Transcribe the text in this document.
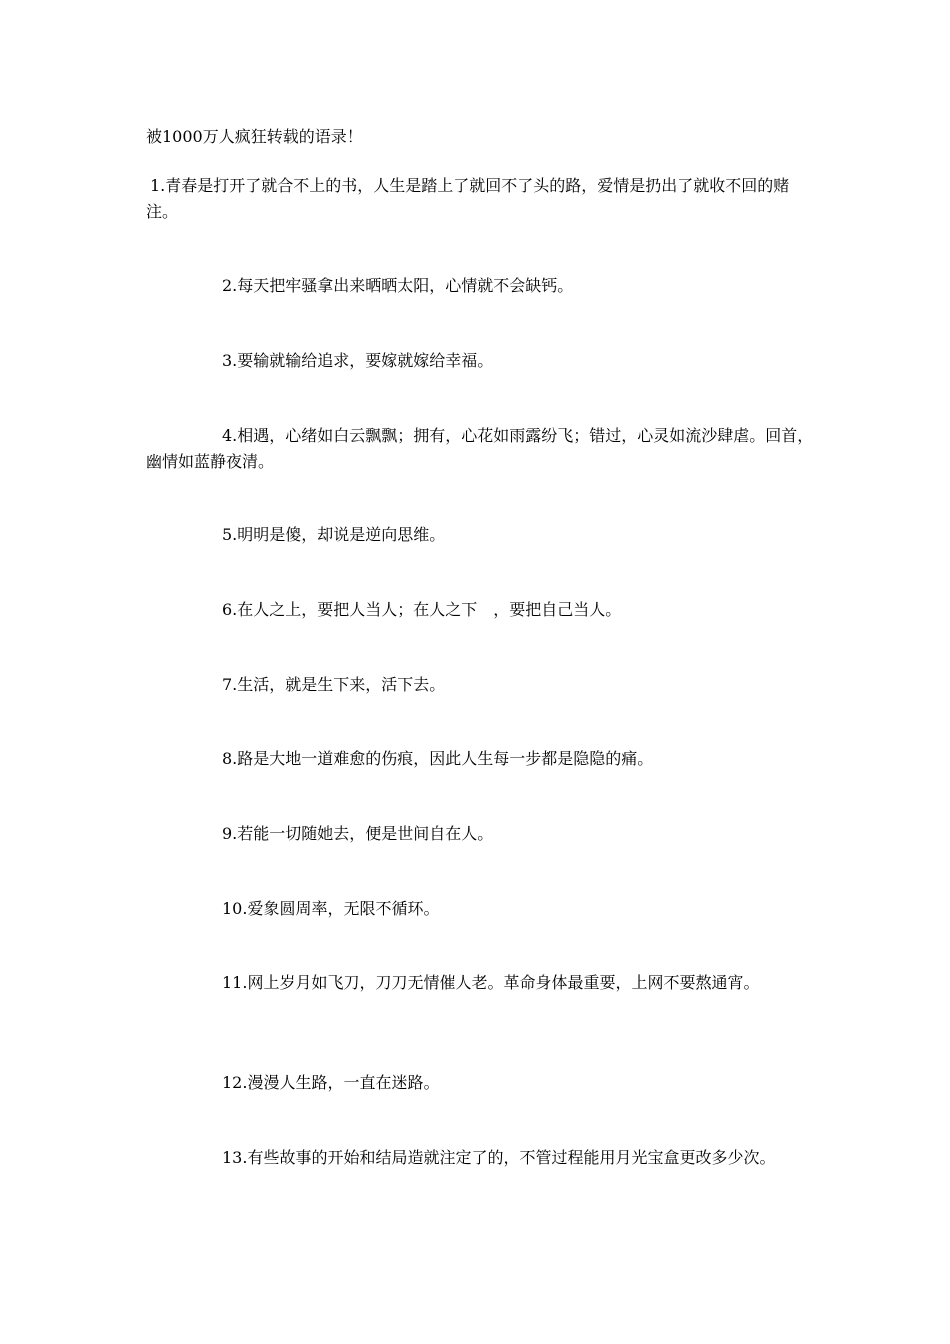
被1000万人疯狂转载的语录！

1.青春是打开了就合不上的书，人生是踏上了就回不了头的路，爱情是扔出了就收不回的赌注。

2.每天把牢骚拿出来晒晒太阳，心情就不会缺钙。

3.要输就输给追求，要嫁就嫁给幸福。

4.相遇，心绪如白云飘飘；拥有，心花如雨露纷飞；错过，心灵如流沙肆虐。回首，幽情如蓝静夜清。

5.明明是傻，却说是逆向思维。

6.在人之上，要把人当人；在人之下　，要把自己当人。

7.生活，就是生下来，活下去。

8.路是大地一道难愈的伤痕，因此人生每一步都是隐隐的痛。

9.若能一切随她去，便是世间自在人。

10.爱象圆周率，无限不循环。

11.网上岁月如飞刀，刀刀无情催人老。革命身体最重要，上网不要熬通宵。

12.漫漫人生路，一直在迷路。

13.有些故事的开始和结局造就注定了的，不管过程能用月光宝盒更改多少次。
